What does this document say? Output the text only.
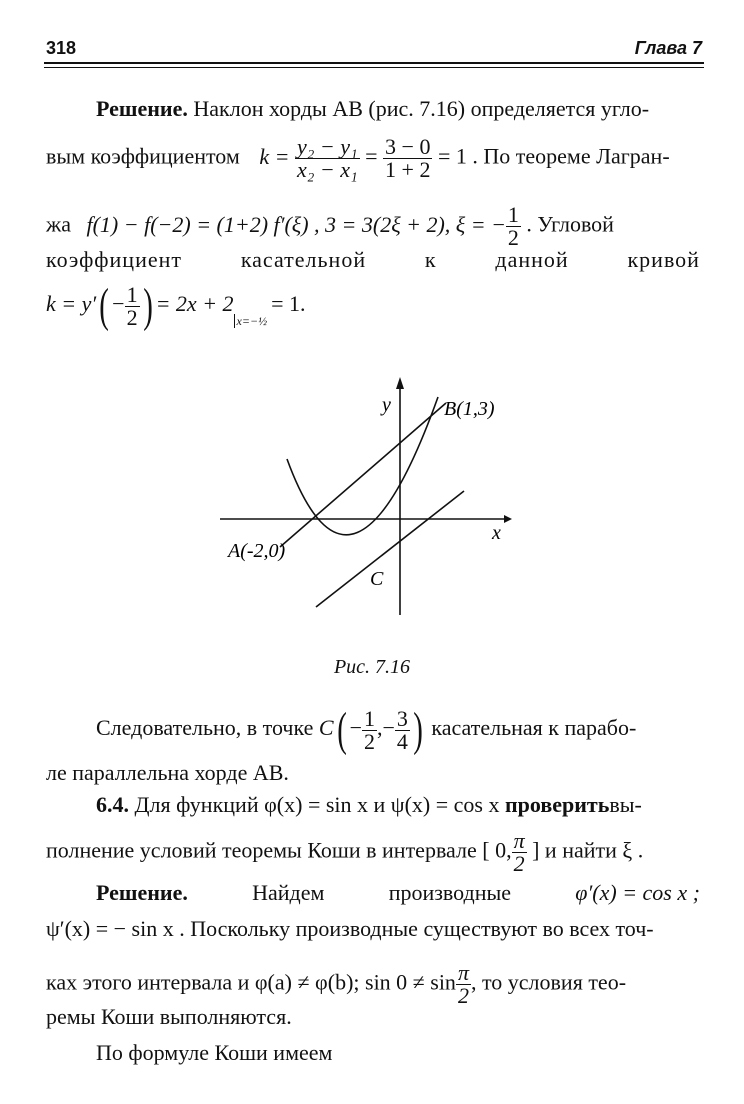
318	Глава 7
Решение. Наклон хорды AB (рис. 7.16) определяется угло-
вым коэффициентом $k = \frac{\text{y₂ − y₁}}{\text{x₂ − x₁}} = \frac{3 - 0}{1 + 2} = 1$ . По теореме Лагран-
жа f(1) − f(−2) = (1+2) f′(ξ) , 3 = 3(2ξ + 2), ξ = − $\frac{1}{2}$ . Угловой
коэффициент	касательной	к	данной	кривой
$k = y'( - \frac{1}{2}$ ) = $2x + 2_{x=-\frac{1}{2}}= 1$.
y
x
B(1,3)
A(-2,0)
C
Рис. 7.16
Следовательно, в точке $C( - \frac{1}{2}$ ,− $\frac{3}{4}$ ) касательная к парабо-
ле параллельна хорде AB.
6.4. Для функций φ(x) = sin x и ψ(x) = cos x проверитьвы-
полнение условий теоремы Коши в интервале [ 0, $\frac{\pi}{2}$ ] и найти ξ .
Решение.	Найдем	производные	φ′(x) = cos x ;
ψ′(x) = − sin x . Поскольку производные существуют во всех точ-
ках этого интервала и φ(a) ≠ φ(b); $\sin 0 \ne \sin \frac{\pi}{2}$ , то условия тео-
ремы Коши выполняются.
По формуле Коши имеем
